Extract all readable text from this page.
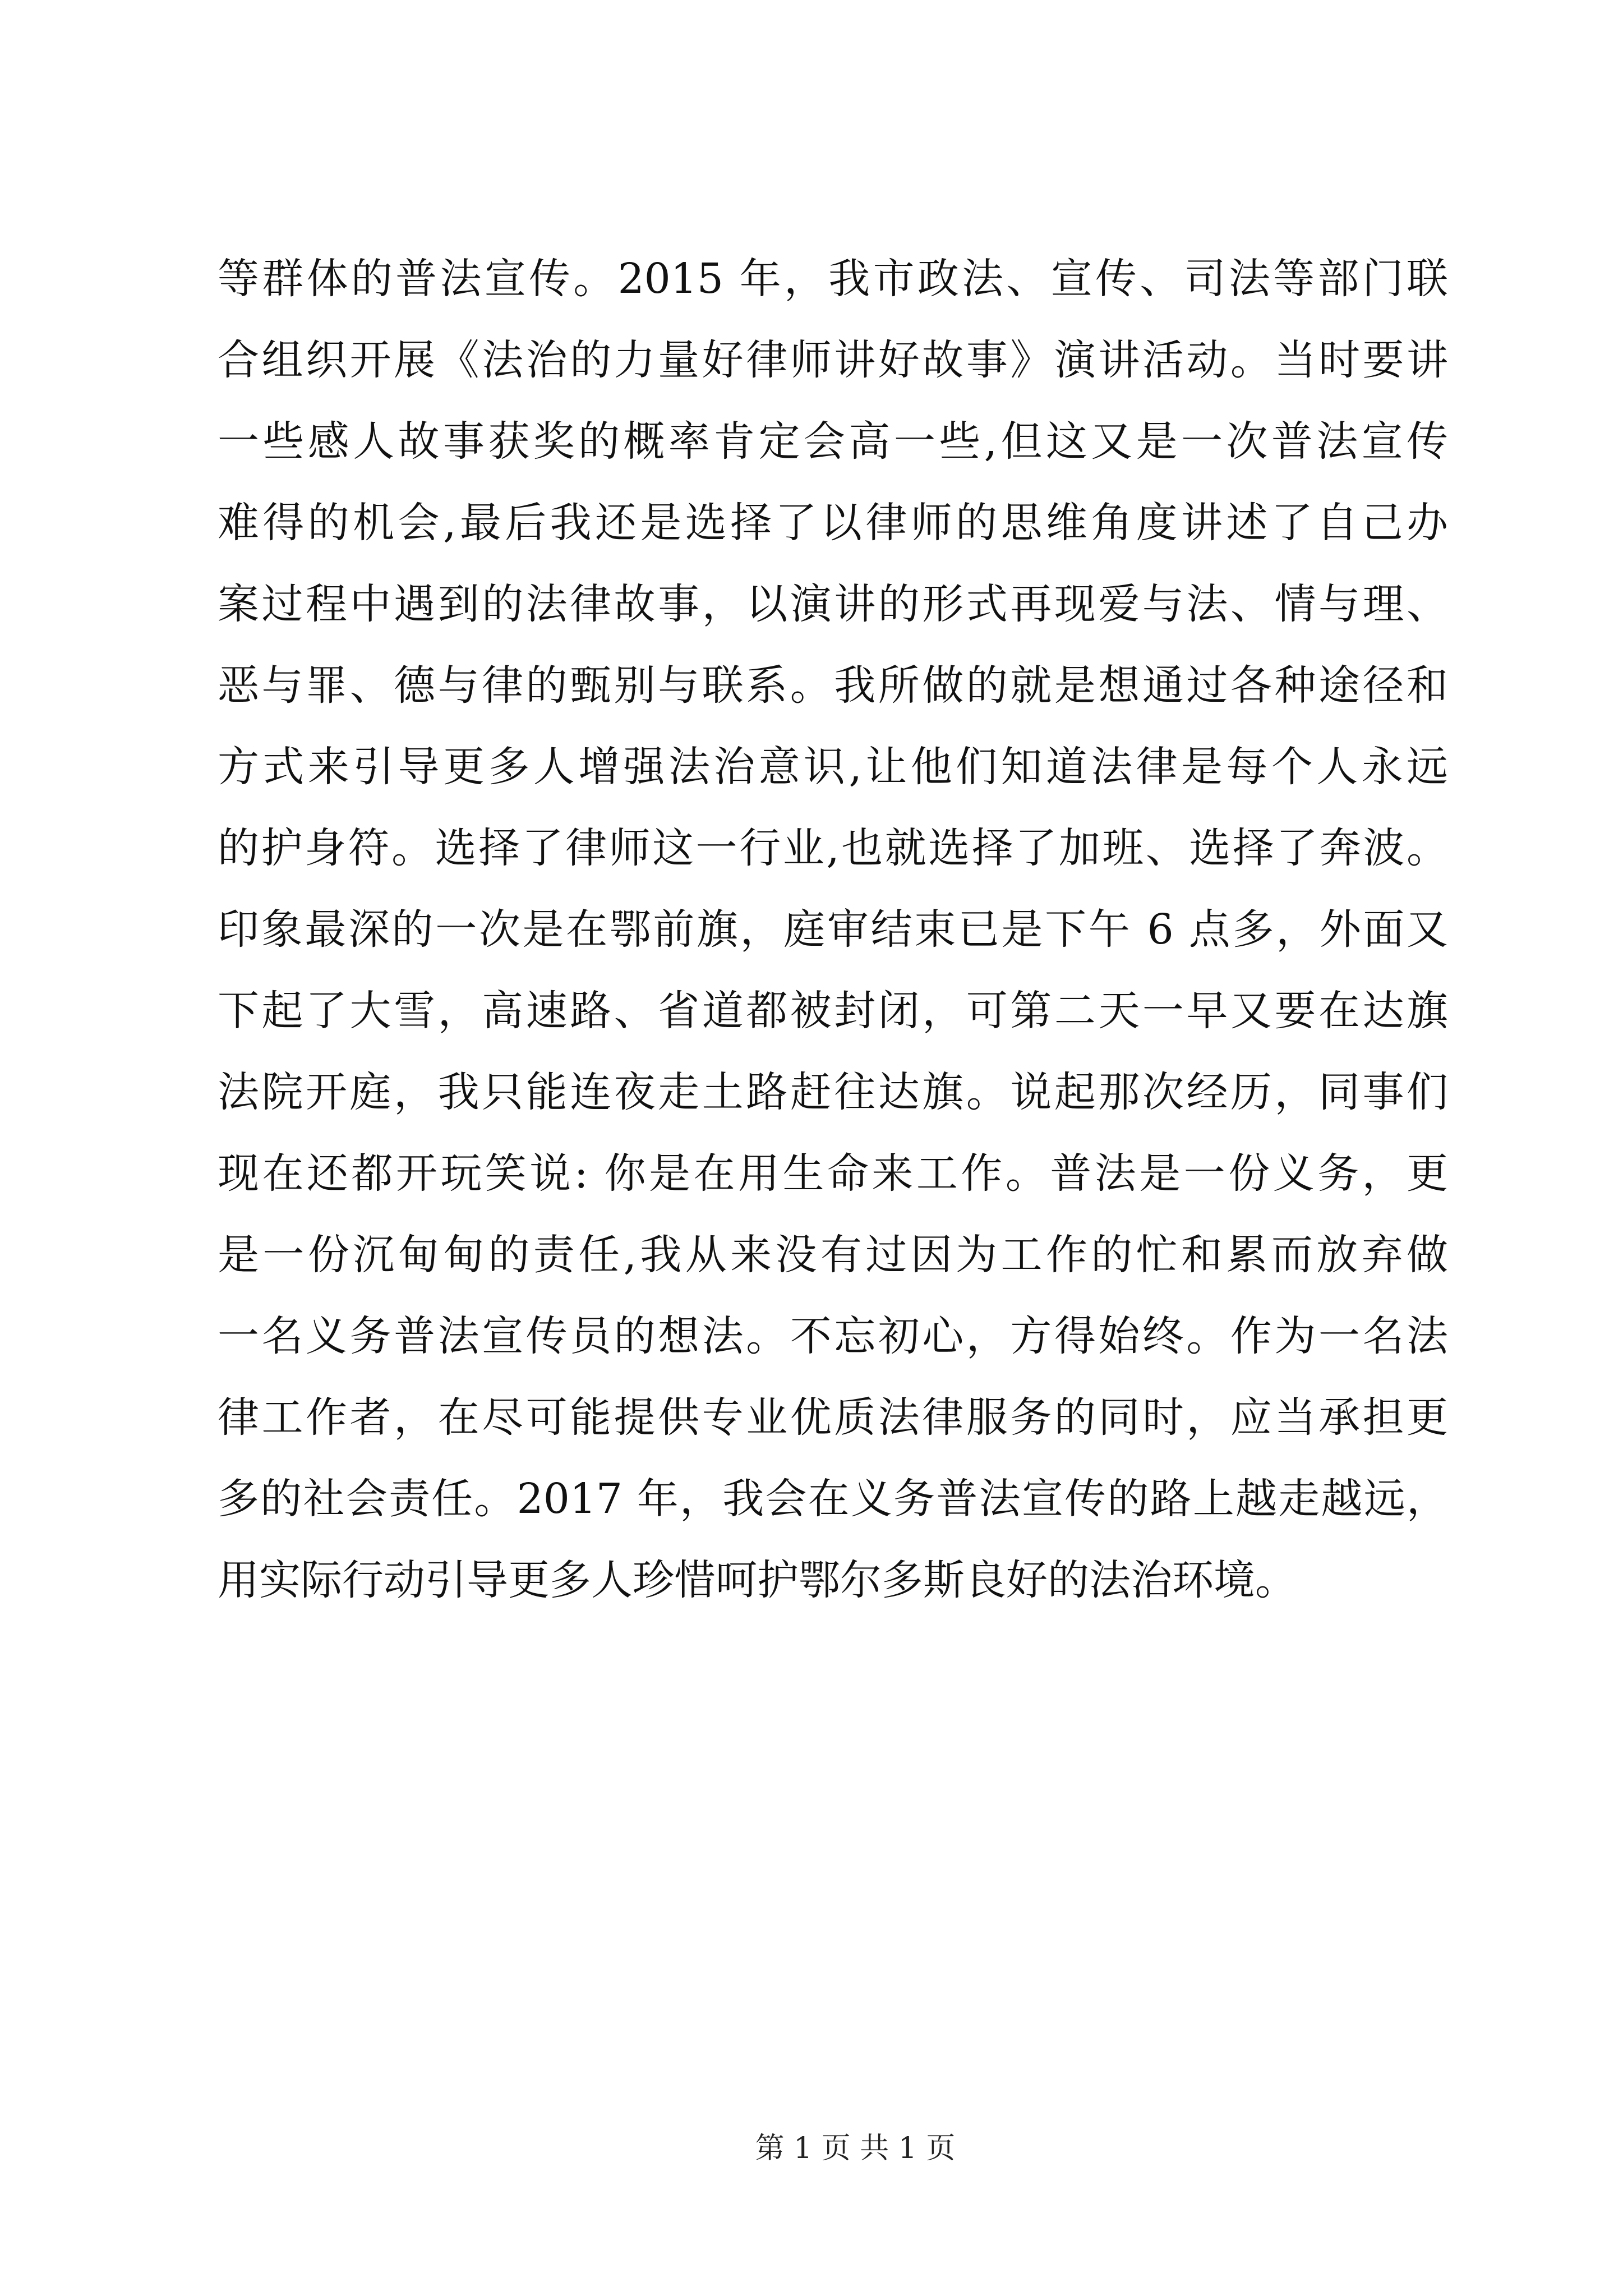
等群体的普法宣传。2015 年，我市政法、宣传、司法等部门联
合组织开展《法治的力量好律师讲好故事》演讲活动。当时要讲
一些感人故事获奖的概率肯定会高一些,但这又是一次普法宣传
难得的机会,最后我还是选择了以律师的思维角度讲述了自己办
案过程中遇到的法律故事，以演讲的形式再现爱与法、情与理、
恶与罪、德与律的甄别与联系。我所做的就是想通过各种途径和
方式来引导更多人增强法治意识,让他们知道法律是每个人永远
的护身符。选择了律师这一行业,也就选择了加班、选择了奔波。
印象最深的一次是在鄂前旗，庭审结束已是下午 6 点多，外面又
下起了大雪，高速路、省道都被封闭，可第二天一早又要在达旗
法院开庭，我只能连夜走土路赶往达旗。说起那次经历，同事们
现在还都开玩笑说: 你是在用生命来工作。普法是一份义务，更
是一份沉甸甸的责任,我从来没有过因为工作的忙和累而放弃做
一名义务普法宣传员的想法。不忘初心，方得始终。作为一名法
律工作者，在尽可能提供专业优质法律服务的同时，应当承担更
多的社会责任。2017 年，我会在义务普法宣传的路上越走越远，
用实际行动引导更多人珍惜呵护鄂尔多斯良好的法治环境。
第 1 页 共 1 页
